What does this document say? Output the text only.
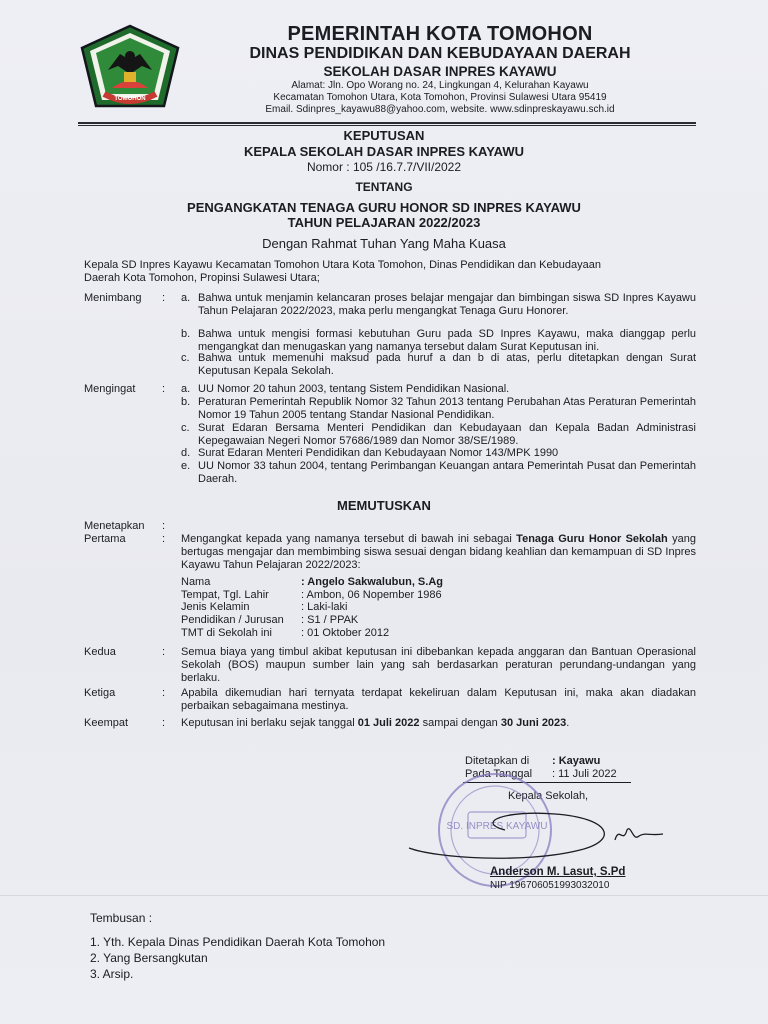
TOMOHON
PEMERINTAH KOTA TOMOHON
DINAS PENDIDIKAN DAN KEBUDAYAAN DAERAH
SEKOLAH DASAR INPRES KAYAWU
Alamat: Jln. Opo Worang no. 24, Lingkungan 4, Kelurahan Kayawu
Kecamatan Tomohon Utara, Kota Tomohon, Provinsi Sulawesi Utara 95419
Email. Sdinpres_kayawu88@yahoo.com, website. www.sdinpreskayawu.sch.id
KEPUTUSAN
KEPALA SEKOLAH DASAR INPRES KAYAWU
Nomor : 105 /16.7.7/VII/2022
TENTANG
PENGANGKATAN TENAGA GURU HONOR SD INPRES KAYAWU
TAHUN PELAJARAN 2022/2023
Dengan Rahmat Tuhan Yang Maha Kuasa
Kepala SD Inpres Kayawu Kecamatan Tomohon Utara Kota Tomohon, Dinas Pendidikan dan Kebudayaan
Daerah Kota Tomohon, Propinsi Sulawesi Utara;
Menimbang : a. Bahwa untuk menjamin kelancaran proses belajar mengajar dan bimbingan siswa SD Inpres Kayawu Tahun Pelajaran 2022/2023, maka perlu mengangkat Tenaga Guru Honorer.
b. Bahwa untuk mengisi formasi kebutuhan Guru pada SD Inpres Kayawu, maka dianggap perlu mengangkat dan menugaskan yang namanya tersebut dalam Surat Keputusan ini.
c. Bahwa untuk memenuhi maksud pada huruf a dan b di atas, perlu ditetapkan dengan Surat Keputusan Kepala Sekolah.
Mengingat : a. UU Nomor 20 tahun 2003, tentang Sistem Pendidikan Nasional.
b. Peraturan Pemerintah Republik Nomor 32 Tahun 2013 tentang Perubahan Atas Peraturan Pemerintah Nomor 19 Tahun 2005 tentang Standar Nasional Pendidikan.
c. Surat Edaran Bersama Menteri Pendidikan dan Kebudayaan dan Kepala Badan Administrasi Kepegawaian Negeri Nomor 57686/1989 dan Nomor 38/SE/1989.
d. Surat Edaran Menteri Pendidikan dan Kebudayaan Nomor 143/MPK 1990
e. UU Nomor 33 tahun 2004, tentang Perimbangan Keuangan antara Pemerintah Pusat dan Pemerintah Daerah.
MEMUTUSKAN
Menetapkan :
Pertama	: Mengangkat kepada yang namanya tersebut di bawah ini sebagai Tenaga Guru Honor Sekolah yang bertugas mengajar dan membimbing siswa sesuai dengan bidang keahlian dan kemampuan di SD Inpres Kayawu Tahun Pelajaran 2022/2023:
Nama	: Angelo Sakwalubun, S.Ag
Tempat, Tgl. Lahir	: Ambon, 06 Nopember 1986
Jenis Kelamin	: Laki-laki
Pendidikan / Jurusan : S1 / PPAK
TMT di Sekolah ini	: 01 Oktober 2012
Kedua	: Semua biaya yang timbul akibat keputusan ini dibebankan kepada anggaran dan Bantuan Operasional Sekolah (BOS) maupun sumber lain yang sah berdasarkan peraturan perundang-undangan yang berlaku.
Ketiga	: Apabila dikemudian hari ternyata terdapat kekeliruan dalam Keputusan ini, maka akan diadakan perbaikan sebagaimana mestinya.
Keempat	: Keputusan ini berlaku sejak tanggal 01 Juli 2022 sampai dengan 30 Juni 2023.
Ditetapkan di : Kayawu
Pada Tanggal : 11 Juli 2022
Kepala Sekolah,
SD. INPRES KAYAWU
Anderson M. Lasut, S.Pd
NIP 196706051993032010
Tembusan :
1. Yth. Kepala Dinas Pendidikan Daerah Kota Tomohon
2. Yang Bersangkutan
3. Arsip.
